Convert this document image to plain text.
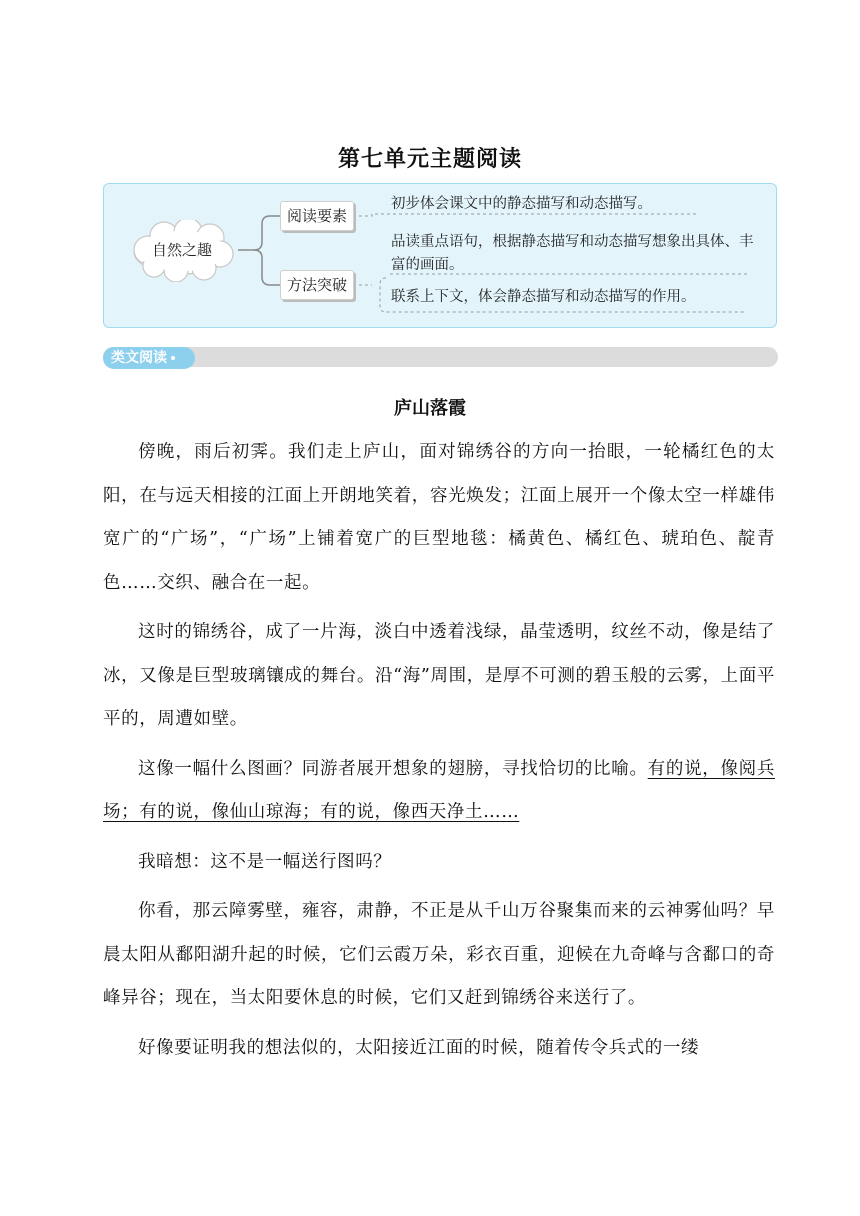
第七单元主题阅读
自然之趣
阅读要素
方法突破
初步体会课文中的静态描写和动态描写。
品读重点语句，根据静态描写和动态描写想象出具体、丰富的画面。
联系上下文，体会静态描写和动态描写的作用。
类文阅读
庐山落霞

傍晚，雨后初霁。我们走上庐山，面对锦绣谷的方向一抬眼，一轮橘红色的太阳，在与远天相接的江面上开朗地笑着，容光焕发；江面上展开一个像太空一样雄伟宽广的“广场”，“广场”上铺着宽广的巨型地毯：橘黄色、橘红色、琥珀色、靛青色……交织、融合在一起。

这时的锦绣谷，成了一片海，淡白中透着浅绿，晶莹透明，纹丝不动，像是结了冰，又像是巨型玻璃镶成的舞台。沿“海”周围，是厚不可测的碧玉般的云雾，上面平平的，周遭如壁。

这像一幅什么图画？同游者展开想象的翅膀，寻找恰切的比喻。有的说，像阅兵场；有的说，像仙山琼海；有的说，像西天净土……

我暗想：这不是一幅送行图吗？

你看，那云障雾壁，雍容，肃静，不正是从千山万谷聚集而来的云神雾仙吗？早晨太阳从鄱阳湖升起的时候，它们云霞万朵，彩衣百重，迎候在九奇峰与含鄱口的奇峰异谷；现在，当太阳要休息的时候，它们又赶到锦绣谷来送行了。

好像要证明我的想法似的，太阳接近江面的时候，随着传令兵式的一缕
